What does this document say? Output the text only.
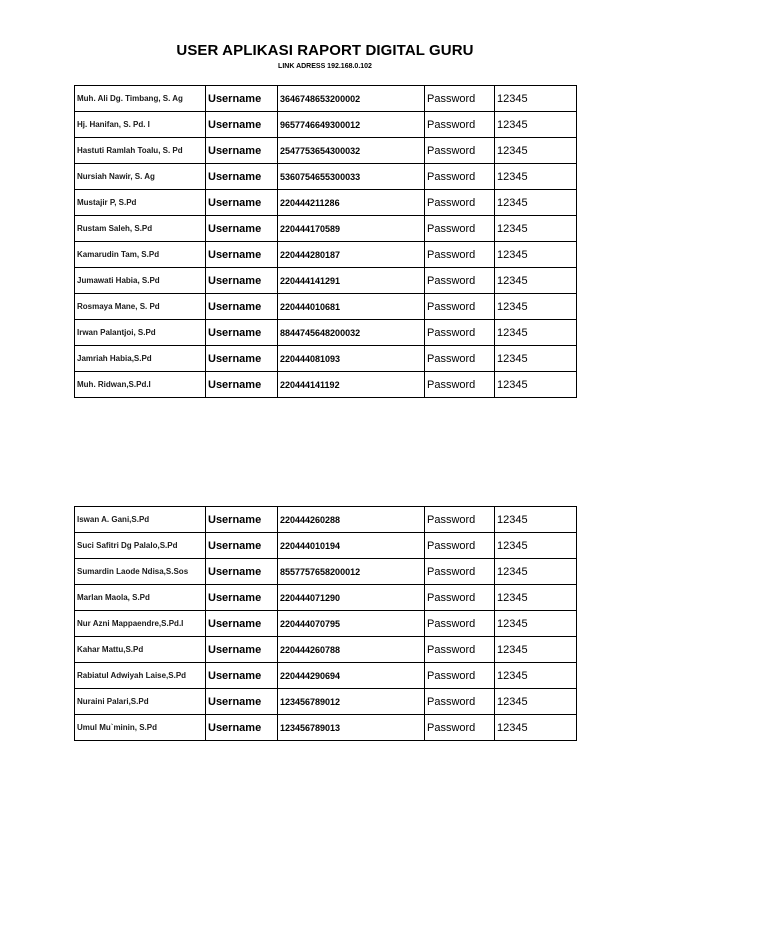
USER APLIKASI RAPORT DIGITAL GURU
LINK ADRESS 192.168.0.102
Muh. Ali Dg. Timbang, S. Ag	Username	3646748653200002	Password	12345
Hj. Hanifan, S. Pd. I	Username	9657746649300012	Password	12345
Hastuti Ramlah Toalu, S. Pd	Username	2547753654300032	Password	12345
Nursiah Nawir, S. Ag	Username	5360754655300033	Password	12345
Mustajir P, S.Pd	Username	220444211286	Password	12345
Rustam Saleh, S.Pd	Username	220444170589	Password	12345
Kamarudin Tam, S.Pd	Username	220444280187	Password	12345
Jumawati Habia, S.Pd	Username	220444141291	Password	12345
Rosmaya Mane, S. Pd	Username	220444010681	Password	12345
Irwan Palantjoi, S.Pd	Username	8844745648200032	Password	12345
Jamriah Habia,S.Pd	Username	220444081093	Password	12345
Muh. Ridwan,S.Pd.I	Username	220444141192	Password	12345
Iswan A. Gani,S.Pd	Username	220444260288	Password	12345
Suci Safitri Dg Palalo,S.Pd	Username	220444010194	Password	12345
Sumardin Laode Ndisa,S.Sos	Username	8557757658200012	Password	12345
Marlan Maola, S.Pd	Username	220444071290	Password	12345
Nur Azni Mappaendre,S.Pd.I	Username	220444070795	Password	12345
Kahar Mattu,S.Pd	Username	220444260788	Password	12345
Rabiatul Adwiyah Laise,S.Pd	Username	220444290694	Password	12345
Nuraini Palari,S.Pd	Username	123456789012	Password	12345
Umul Mu`minin, S.Pd	Username	123456789013	Password	12345
